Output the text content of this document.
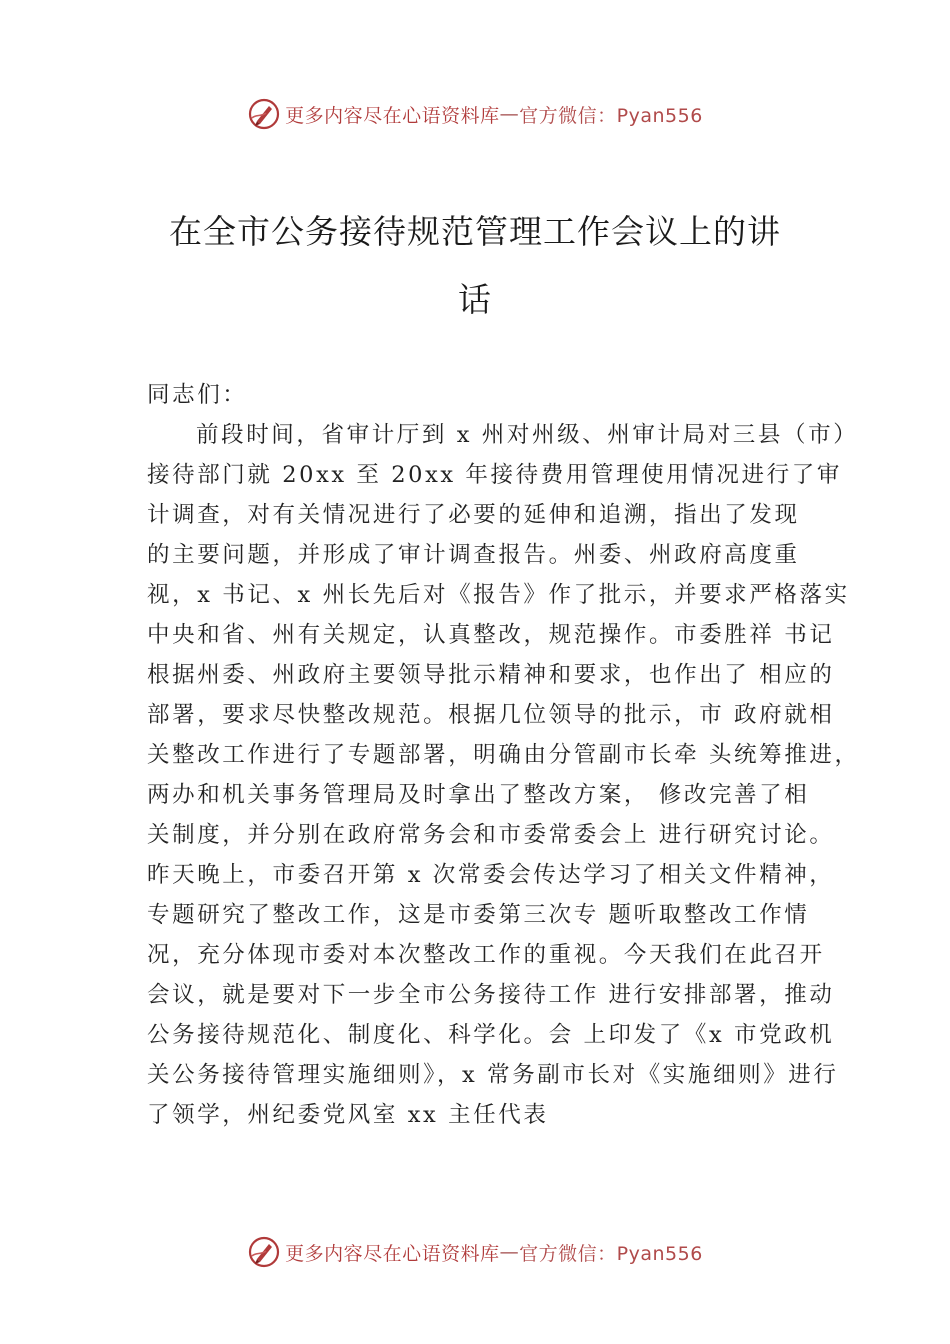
更多内容尽在心语资料库 — 官方微信：Pyan556
在全市公务接待规范管理工作会议上的讲
话
同志们：
前段时间，省审计厅到 x 州对州级、州审计局对三县（市）
接待部门就 20xx 至 20xx 年接待费用管理使用情况进行了审
计调查，对有关情况进行了必要的延伸和追溯，指出了发现
的主要问题，并形成了审计调查报告。州委、州政府高度重
视，x 书记、x 州长先后对《报告》作了批示，并要求严格落实
中央和省、州有关规定，认真整改，规范操作。市委胜祥 书记
根据州委、州政府主要领导批示精神和要求，也作出了 相应的
部署，要求尽快整改规范。根据几位领导的批示，市 政府就相
关整改工作进行了专题部署，明确由分管副市长牵 头统筹推进，
两办和机关事务管理局及时拿出了整改方案， 修改完善了相
关制度，并分别在政府常务会和市委常委会上 进行研究讨论。
昨天晚上，市委召开第 x 次常委会传达学习了相关文件精神，
专题研究了整改工作，这是市委第三次专 题听取整改工作情
况，充分体现市委对本次整改工作的重视。今天我们在此召开
会议，就是要对下一步全市公务接待工作 进行安排部署，推动
公务接待规范化、制度化、科学化。会 上印发了《x 市党政机
关公务接待管理实施细则》，x 常务副市长对《实施细则》进行
了领学，州纪委党风室 xx 主任代表
更多内容尽在心语资料库 — 官方微信：Pyan556
